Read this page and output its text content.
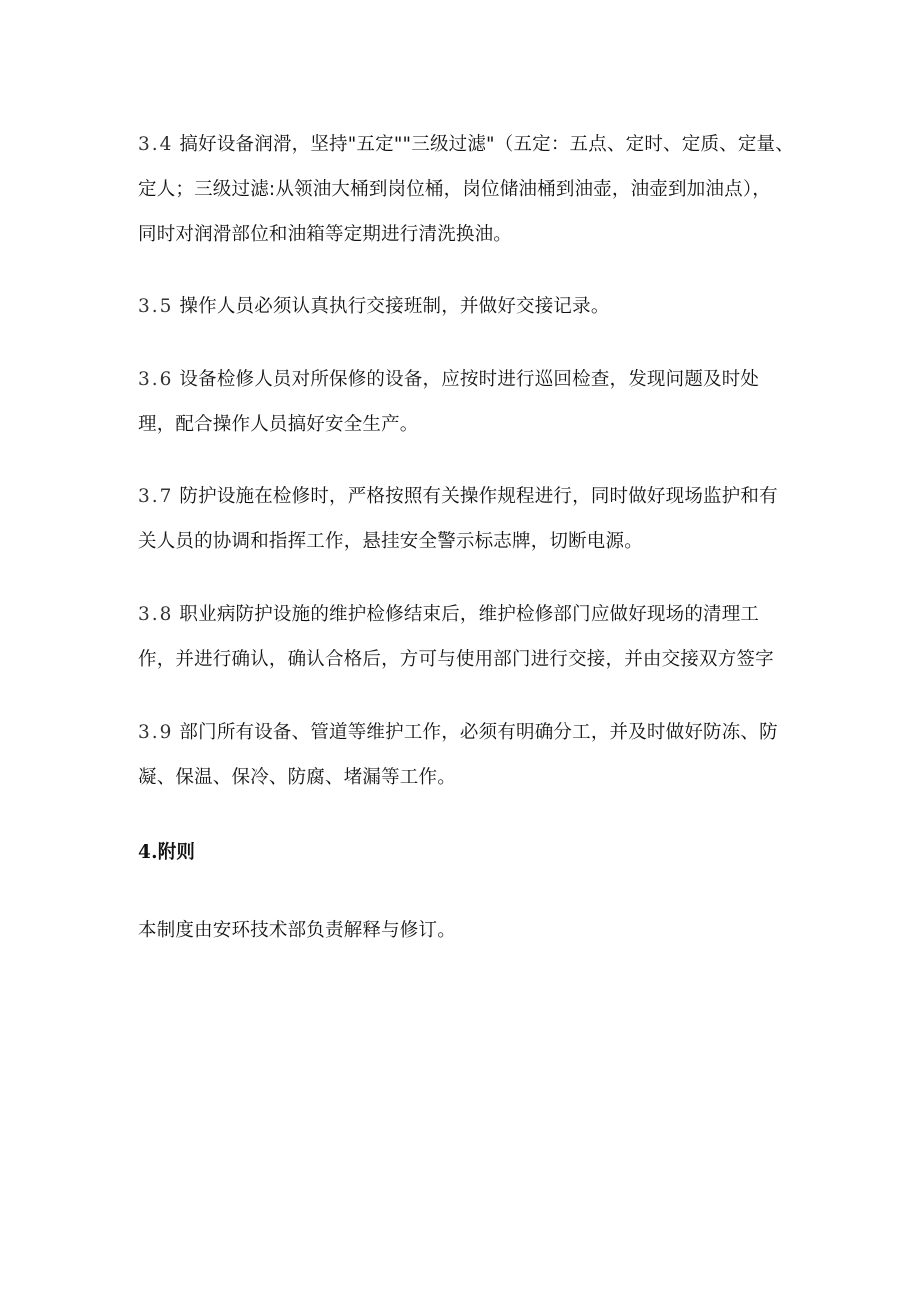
3.4 搞好设备润滑，坚持"五定""三级过滤"（五定：五点、定时、定质、定量、
定人；三级过滤:从领油大桶到岗位桶，岗位储油桶到油壶，油壶到加油点），
同时对润滑部位和油箱等定期进行清洗换油。
3.5 操作人员必须认真执行交接班制，并做好交接记录。
3.6 设备检修人员对所保修的设备，应按时进行巡回检查，发现问题及时处
理，配合操作人员搞好安全生产。
3.7 防护设施在检修时，严格按照有关操作规程进行，同时做好现场监护和有
关人员的协调和指挥工作，悬挂安全警示标志牌，切断电源。
3.8 职业病防护设施的维护检修结束后，维护检修部门应做好现场的清理工
作，并进行确认，确认合格后，方可与使用部门进行交接，并由交接双方签字
3.9 部门所有设备、管道等维护工作，必须有明确分工，并及时做好防冻、防
凝、保温、保冷、防腐、堵漏等工作。
4.附则
本制度由安环技术部负责解释与修订。
